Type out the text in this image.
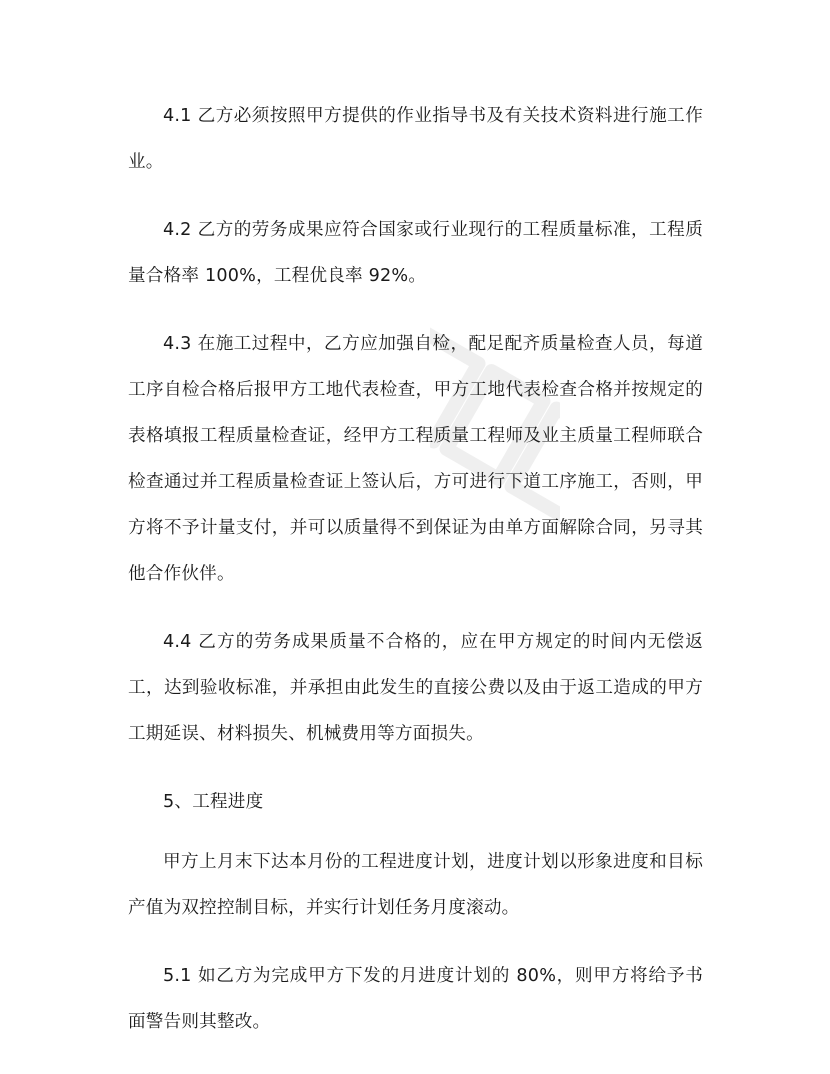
4.1 乙方必须按照甲方提供的作业指导书及有关技术资料进行施工作业。

4.2 乙方的劳务成果应符合国家或行业现行的工程质量标准，工程质量合格率 100%，工程优良率 92%。

4.3 在施工过程中，乙方应加强自检，配足配齐质量检查人员，每道工序自检合格后报甲方工地代表检查，甲方工地代表检查合格并按规定的表格填报工程质量检查证，经甲方工程质量工程师及业主质量工程师联合检查通过并工程质量检查证上签认后，方可进行下道工序施工，否则，甲方将不予计量支付，并可以质量得不到保证为由单方面解除合同，另寻其他合作伙伴。

4.4 乙方的劳务成果质量不合格的，应在甲方规定的时间内无偿返工，达到验收标准，并承担由此发生的直接公费以及由于返工造成的甲方工期延误、材料损失、机械费用等方面损失。

5、工程进度

甲方上月末下达本月份的工程进度计划，进度计划以形象进度和目标产值为双控控制目标，并实行计划任务月度滚动。

5.1 如乙方为完成甲方下发的月进度计划的 80%，则甲方将给予书面警告则其整改。
